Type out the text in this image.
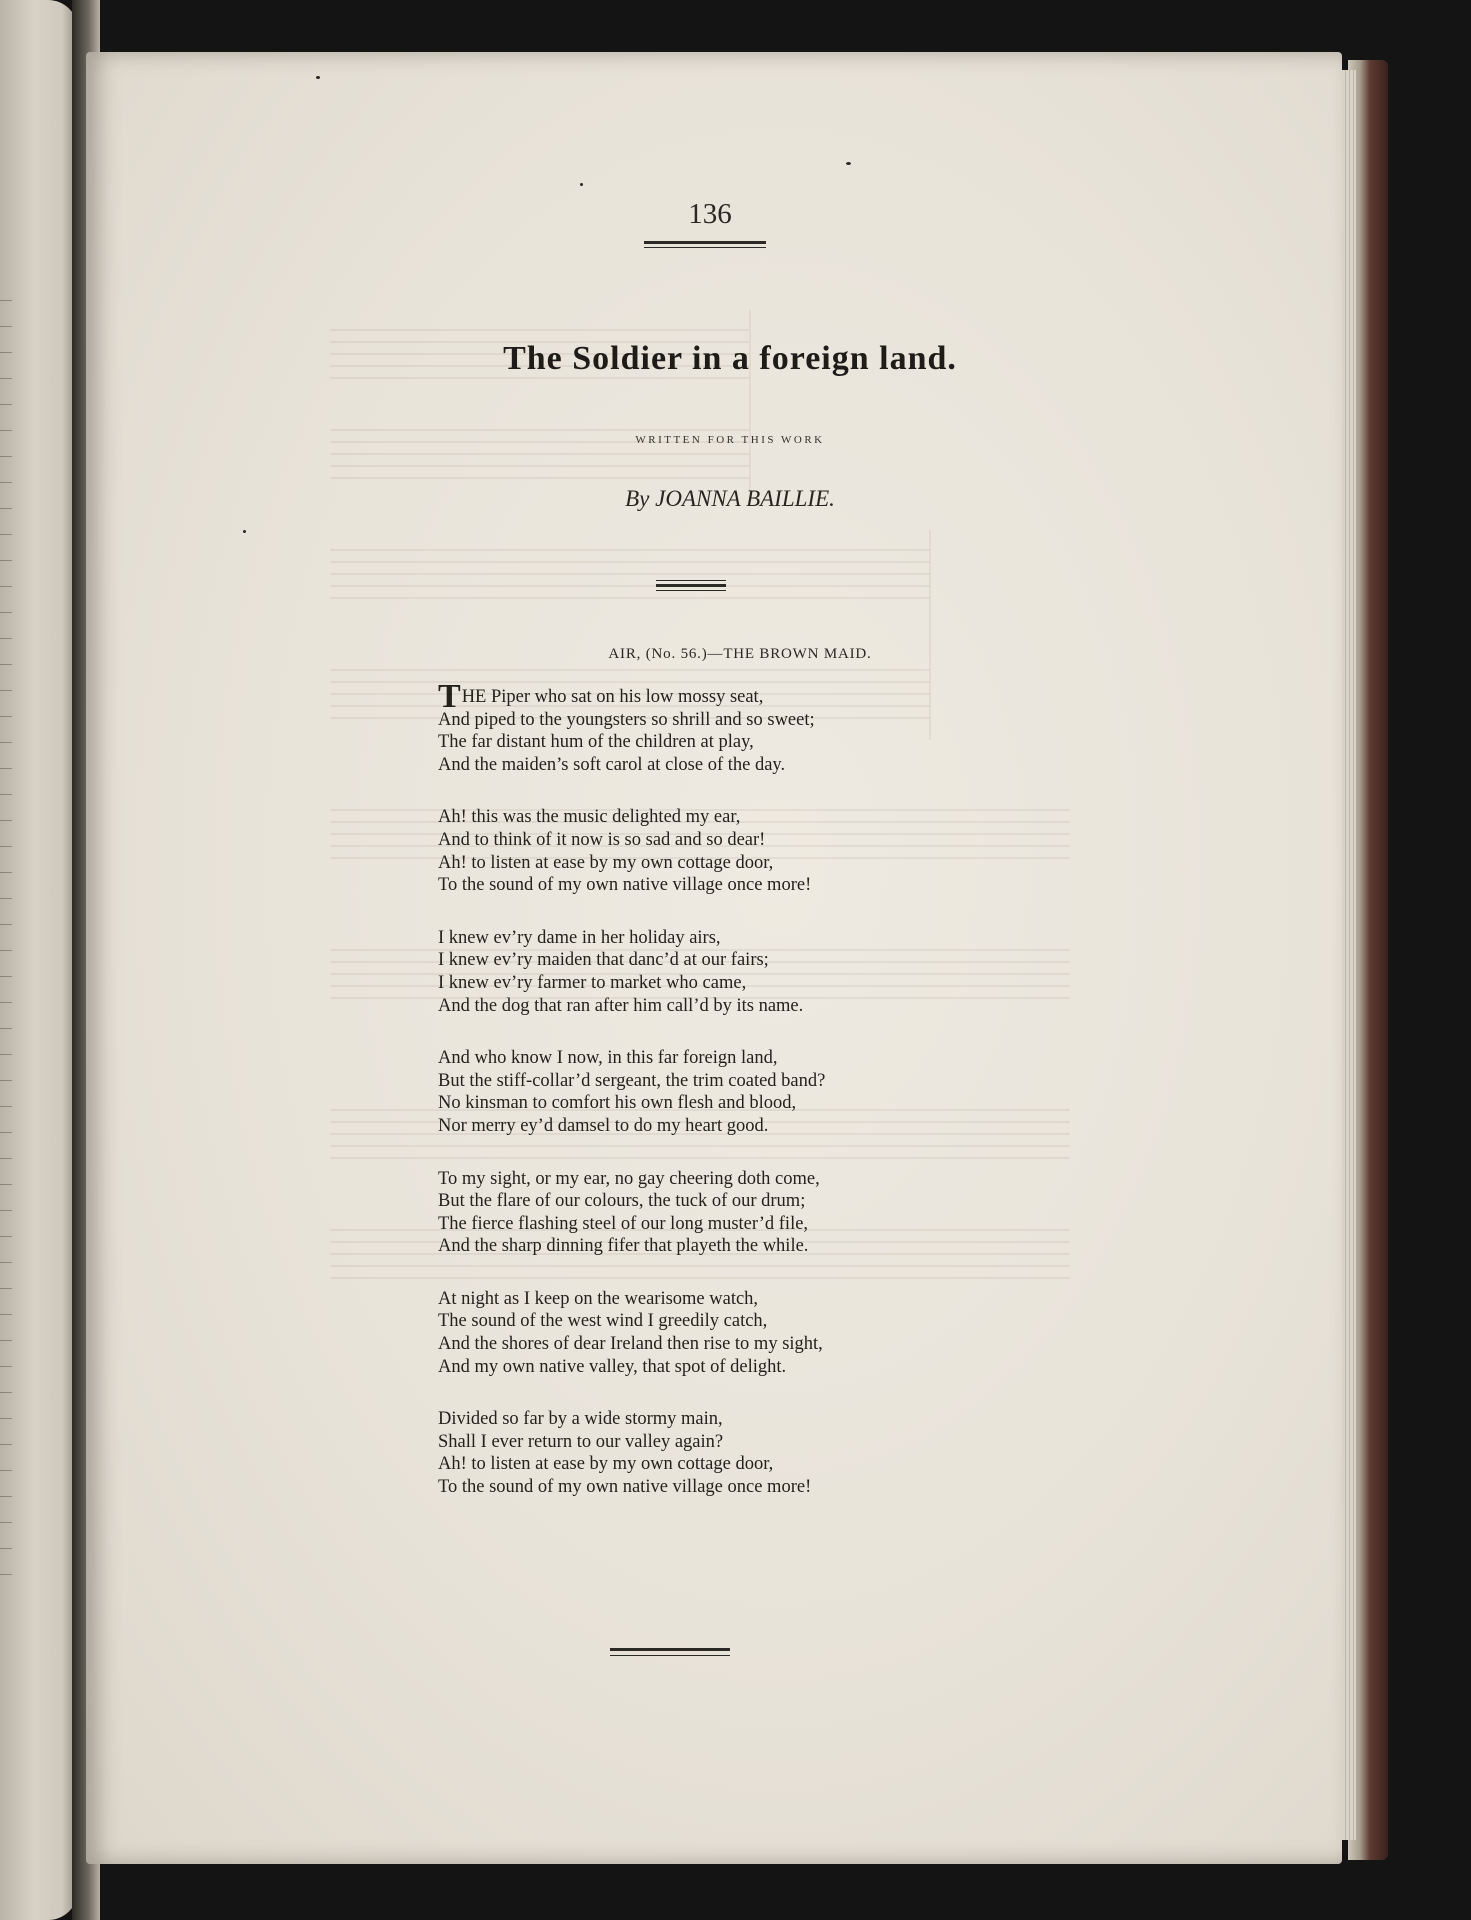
136
The Soldier in a foreign land.
WRITTEN FOR THIS WORK
By JOANNA BAILLIE.
AIR, (No. 56.)—THE BROWN MAID.
THE Piper who sat on his low mossy seat,
And piped to the youngsters so shrill and so sweet;
The far distant hum of the children at play,
And the maiden’s soft carol at close of the day.
Ah! this was the music delighted my ear,
And to think of it now is so sad and so dear!
Ah! to listen at ease by my own cottage door,
To the sound of my own native village once more!
I knew ev’ry dame in her holiday airs,
I knew ev’ry maiden that danc’d at our fairs;
I knew ev’ry farmer to market who came,
And the dog that ran after him call’d by its name.
And who know I now, in this far foreign land,
But the stiff-collar’d sergeant, the trim coated band?
No kinsman to comfort his own flesh and blood,
Nor merry ey’d damsel to do my heart good.
To my sight, or my ear, no gay cheering doth come,
But the flare of our colours, the tuck of our drum;
The fierce flashing steel of our long muster’d file,
And the sharp dinning fifer that playeth the while.
At night as I keep on the wearisome watch,
The sound of the west wind I greedily catch,
And the shores of dear Ireland then rise to my sight,
And my own native valley, that spot of delight.
Divided so far by a wide stormy main,
Shall I ever return to our valley again?
Ah! to listen at ease by my own cottage door,
To the sound of my own native village once more!
